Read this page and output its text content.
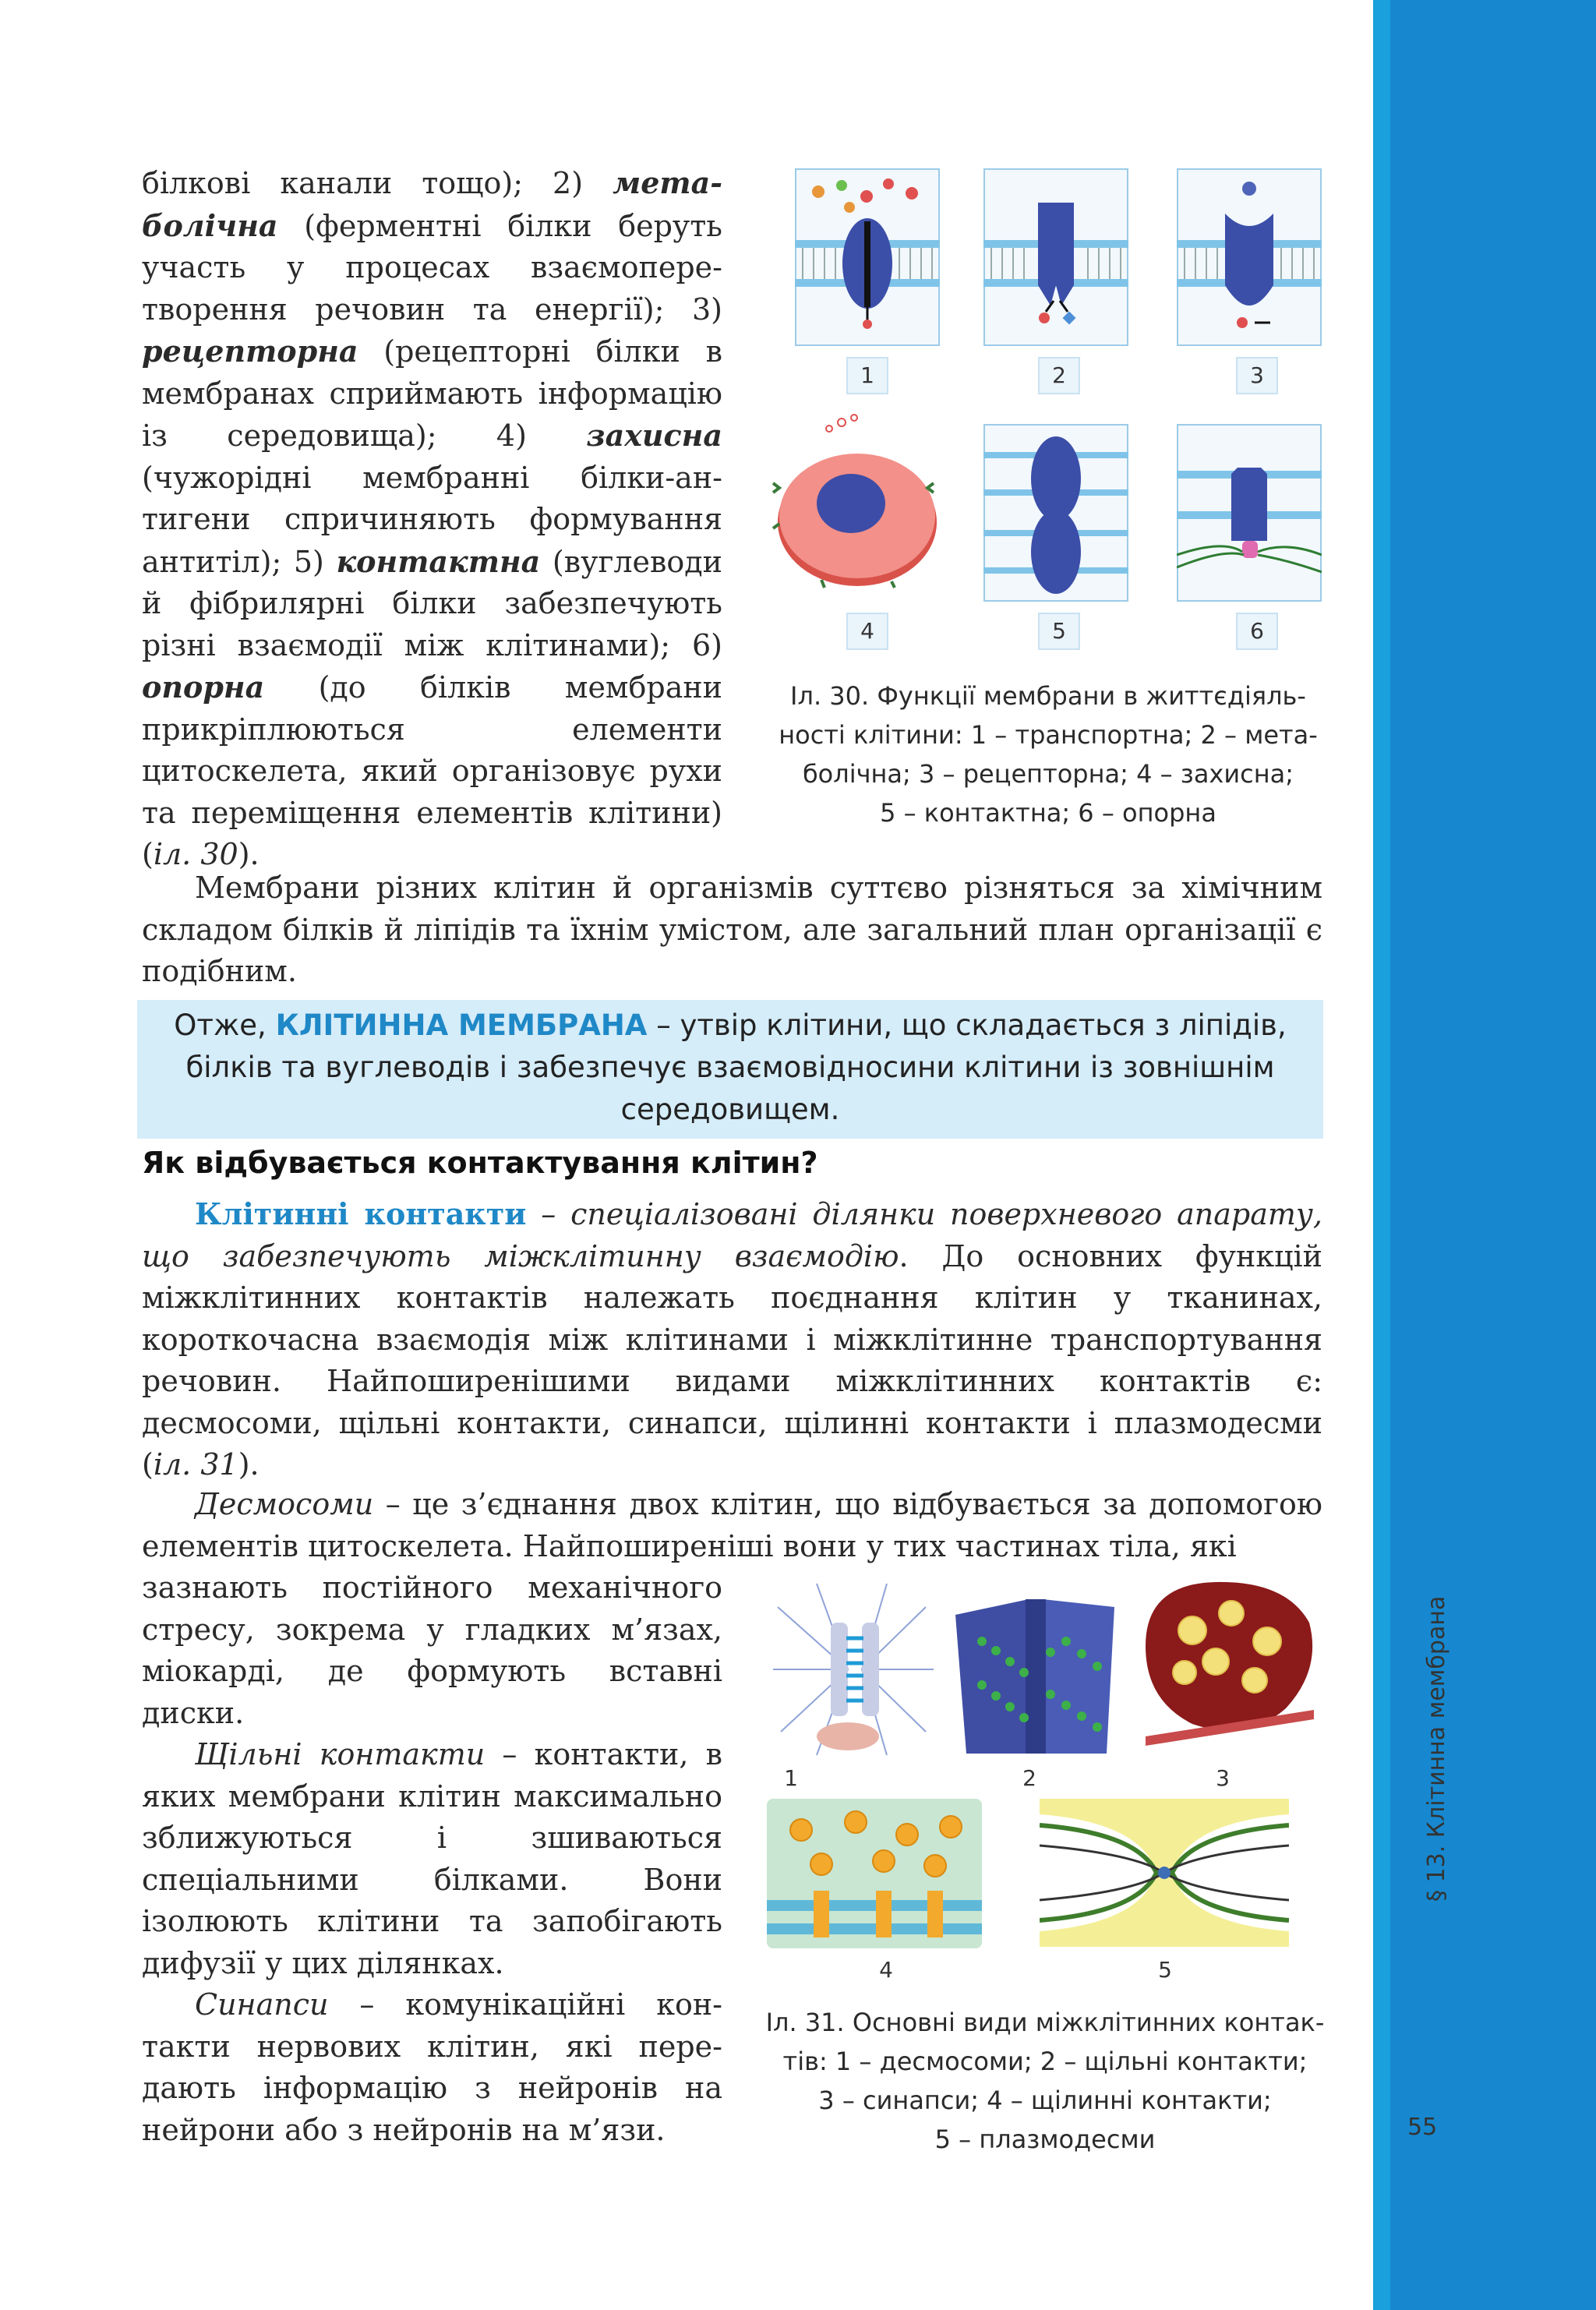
§ 13. Клітинна мембрана
55
білкові канали тощо); 2) метаболічна (ферментні білки беруть участь у процесах взаємоперетворення речовин та енергії); 3) рецепторна (рецепторні білки в мембранах сприймають інформацію із середовища); 4) захисна (чужорідні мембранні білки-антигени спричиняють формування антитіл); 5) контактна (вуглеводи й фібрилярні білки забезпечують різні взаємодії між клітинами); 6) опорна (до білків мембрани прикріплюються елементи цитоскелета, який організовує рухи та переміщення елементів клітини) (іл. 30).
1	2	3
4	5	6
Іл. 30. Функції мембрани в життєдіяль-
ності клітини: 1 – транспортна; 2 – мета-
болічна; 3 – рецепторна; 4 – захисна;
5 – контактна; 6 – опорна
Мембрани різних клітин й організмів суттєво різняться за хімічним складом білків й ліпідів та їхнім умістом, але загальний план організації є подібним.
Отже, КЛІТИННА МЕМБРАНА – утвір клітини, що складається з ліпідів, білків та вуглеводів і забезпечує взаємовідносини клітини із зовнішнім середовищем.
Як відбувається контактування клітин?
Клітинні контакти – спеціалізовані ділянки поверхневого апарату, що забезпечують міжклітинну взаємодію. До основних функцій міжклітинних контактів належать поєднання клітин у тканинах, короткочасна взаємодія між клітинами і міжклітинне транспортування речовин. Найпоширенішими видами міжклітинних контактів є: десмосоми, щільні контакти, синапси, щілинні контакти і плазмодесми (іл. 31).
Десмосоми – це з’єднання двох клітин, що відбувається за допомогою елементів цитоскелета. Найпоширеніші вони у тих частинах тіла, які
зазнають постійного механічного стресу, зокрема у гладких м’язах, міокарді, де формують вставні диски.
Щільні контакти – контакти, в яких мембрани клітин максимально зближуються і зшиваються спеціальними білками. Вони ізолюють клітини та запобігають дифузії у цих ділянках.
Синапси – комунікаційні контакти нервових клітин, які передають інформацію з нейронів на нейрони або з нейронів на м’язи.
1	2	3
4	5
Іл. 31. Основні види міжклітинних контак-
тів: 1 – десмосоми; 2 – щільні контакти;
3 – синапси; 4 – щілинні контакти;
5 – плазмодесми
